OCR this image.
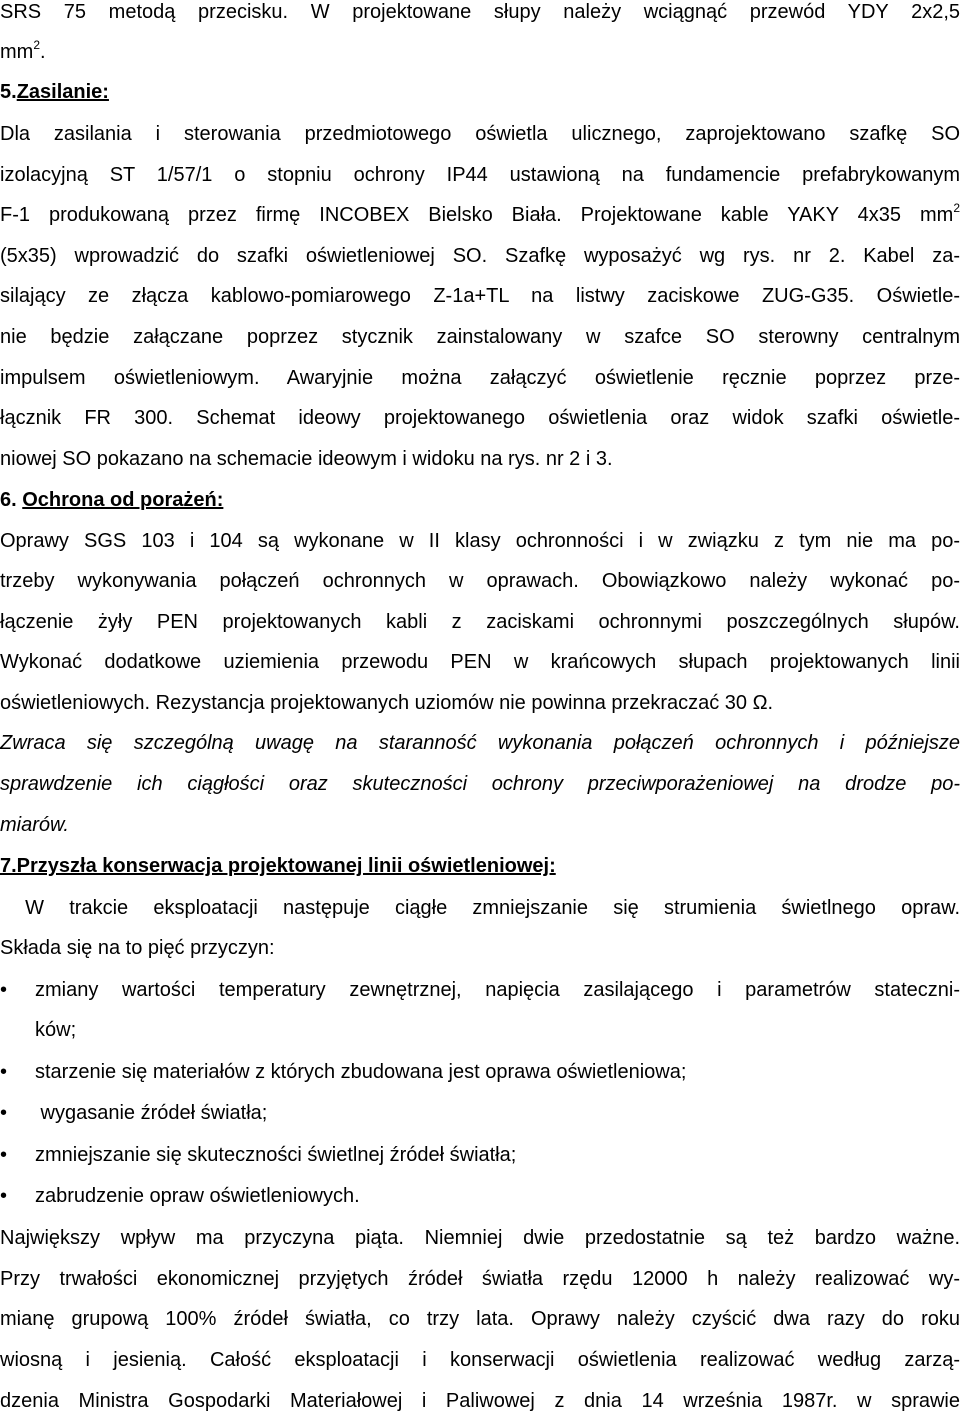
SRS 75 metodą przecisku. W projektowane słupy należy wciągnąć przewód YDY 2x2,5

$mm^2$.

5.Zasilanie:

Dla zasilania i sterowania przedmiotowego oświetla ulicznego, zaprojektowano szafkę SO

izolacyjną ST 1/57/1 o stopniu ochrony IP44 ustawioną na fundamencie prefabrykowanym

F-1 produkowaną przez firmę INCOBEX Bielsko Biała. Projektowane kable YAKY 4x35 $mm^2$

(5x35) wprowadzić do szafki oświetleniowej SO. Szafkę wyposażyć wg rys. nr 2. Kabel za-

silający ze złącza kablowo-pomiarowego Z-1a+TL na listwy zaciskowe ZUG-G35. Oświetle-

nie będzie załączane poprzez stycznik zainstalowany w szafce SO sterowny centralnym

impulsem oświetleniowym. Awaryjnie można załączyć oświetlenie ręcznie poprzez prze-

łącznik FR 300. Schemat ideowy projektowanego oświetlenia oraz widok szafki oświetle-

niowej SO pokazano na schemacie ideowym i widoku na rys. nr 2 i 3.

6. Ochrona od porażeń:

Oprawy SGS 103 i 104 są wykonane w II klasy ochronności i w związku z tym nie ma po-

trzeby wykonywania połączeń ochronnych w oprawach. Obowiązkowo należy wykonać po-

łączenie żyły PEN projektowanych kabli z zaciskami ochronnymi poszczególnych słupów.

Wykonać dodatkowe uziemienia przewodu PEN w krańcowych słupach projektowanych linii

oświetleniowych. Rezystancja projektowanych uziomów nie powinna przekraczać 30 Ω.

Zwraca się szczególną uwagę na staranność wykonania połączeń ochronnych i późniejsze

sprawdzenie ich ciągłości oraz skuteczności ochrony przeciwporażeniowej na drodze po-

miarów.

7.Przyszła konserwacja projektowanej linii oświetleniowej:

W trakcie eksploatacji następuje ciągłe zmniejszanie się strumienia świetlnego opraw.

Składa się na to pięć przyczyn:

• zmiany wartości temperatury zewnętrznej, napięcia zasilającego i parametrów stateczni-
ków;
• starzenie się materiałów z których zbudowana jest oprawa oświetleniowa;
• wygasanie źródeł światła;
• zmniejszanie się skuteczności świetlnej źródeł światła;
• zabrudzenie opraw oświetleniowych.

Największy wpływ ma przyczyna piąta. Niemniej dwie przedostatnie są też bardzo ważne.

Przy trwałości ekonomicznej przyjętych źródeł światła rzędu 12000 h należy realizować wy-

mianę grupową 100% źródeł światła, co trzy lata. Oprawy należy czyścić dwa razy do roku

wiosną i jesienią. Całość eksploatacji i konserwacji oświetlenia realizować według zarzą-

dzenia Ministra Gospodarki Materiałowej i Paliwowej z dnia 14 września 1987r. w sprawie
